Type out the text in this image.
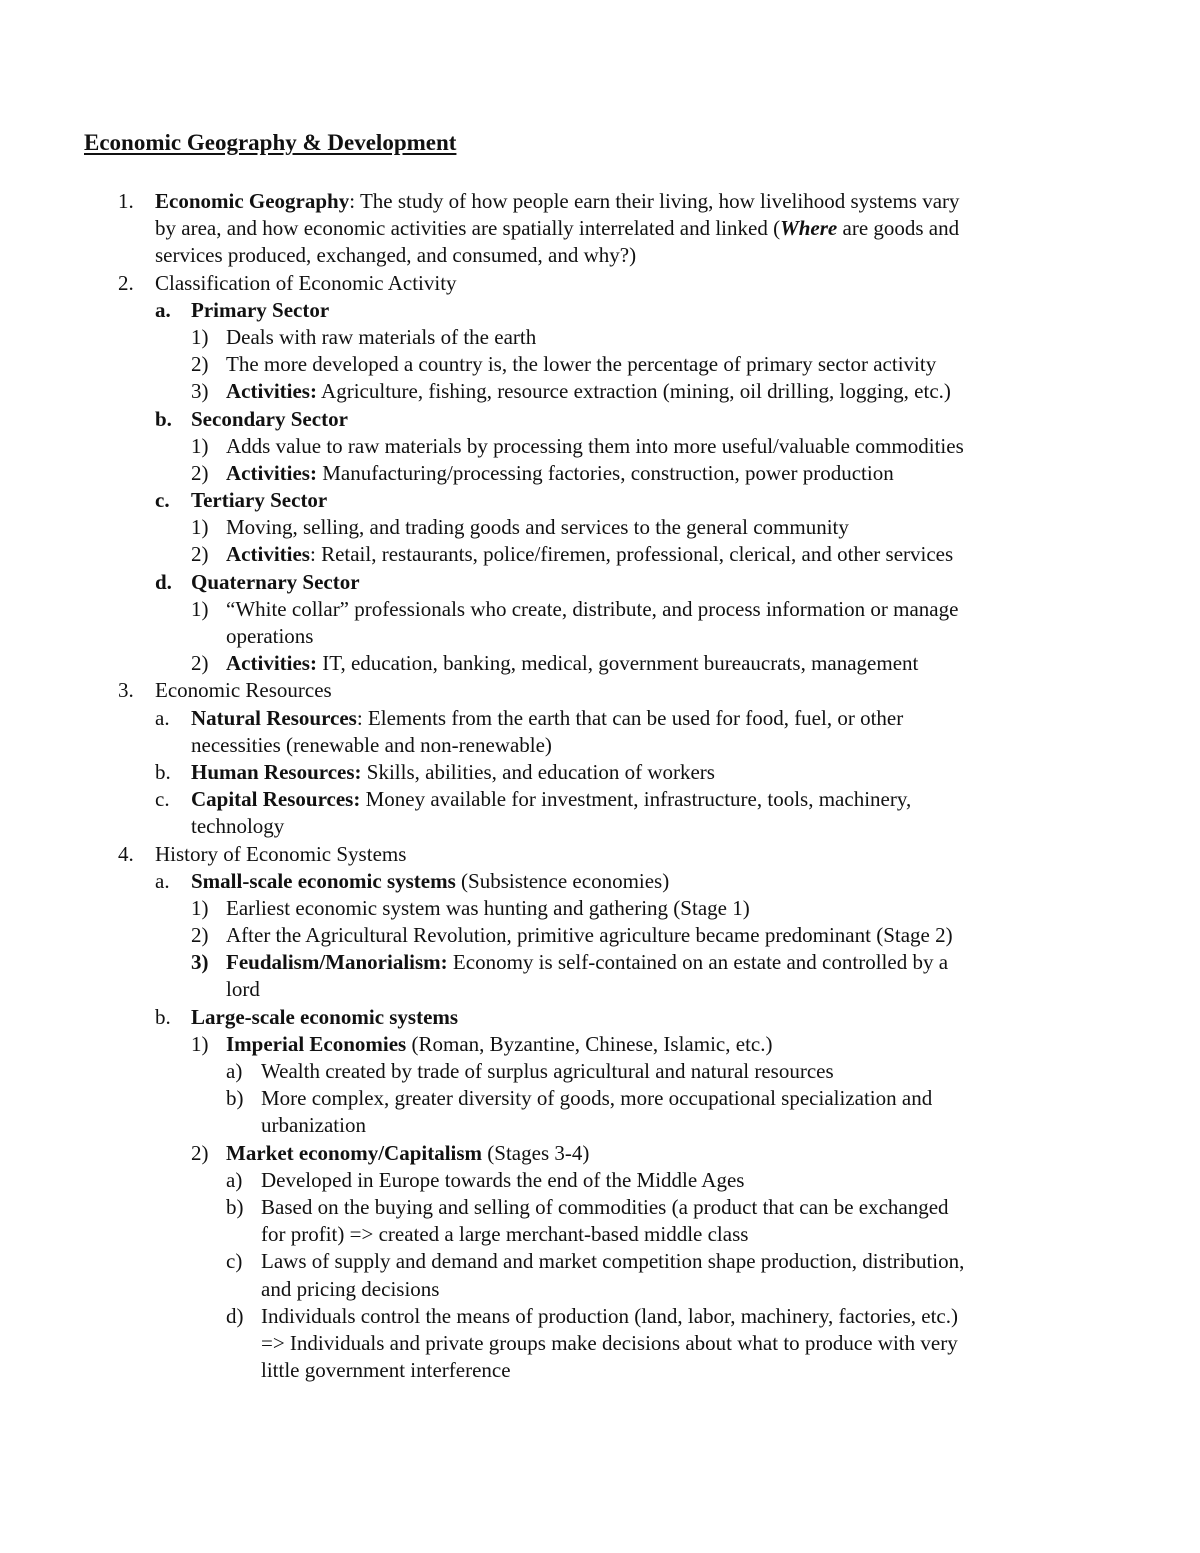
Economic Geography & Development
1. Economic Geography: The study of how people earn their living, how livelihood systems vary
by area, and how economic activities are spatially interrelated and linked (Where are goods and
services produced, exchanged, and consumed, and why?)
2. Classification of Economic Activity
a. Primary Sector
1) Deals with raw materials of the earth
2) The more developed a country is, the lower the percentage of primary sector activity
3) Activities: Agriculture, fishing, resource extraction (mining, oil drilling, logging, etc.)
b. Secondary Sector
1) Adds value to raw materials by processing them into more useful/valuable commodities
2) Activities: Manufacturing/processing factories, construction, power production
c. Tertiary Sector
1) Moving, selling, and trading goods and services to the general community
2) Activities: Retail, restaurants, police/firemen, professional, clerical, and other services
d. Quaternary Sector
1) “White collar” professionals who create, distribute, and process information or manage
operations
2) Activities: IT, education, banking, medical, government bureaucrats, management
3. Economic Resources
a. Natural Resources: Elements from the earth that can be used for food, fuel, or other
necessities (renewable and non-renewable)
b. Human Resources: Skills, abilities, and education of workers
c. Capital Resources: Money available for investment, infrastructure, tools, machinery,
technology
4. History of Economic Systems
a. Small-scale economic systems (Subsistence economies)
1) Earliest economic system was hunting and gathering (Stage 1)
2) After the Agricultural Revolution, primitive agriculture became predominant (Stage 2)
3) Feudalism/Manorialism: Economy is self-contained on an estate and controlled by a
lord
b. Large-scale economic systems
1) Imperial Economies (Roman, Byzantine, Chinese, Islamic, etc.)
a) Wealth created by trade of surplus agricultural and natural resources
b) More complex, greater diversity of goods, more occupational specialization and
urbanization
2) Market economy/Capitalism (Stages 3-4)
a) Developed in Europe towards the end of the Middle Ages
b) Based on the buying and selling of commodities (a product that can be exchanged
for profit) => created a large merchant-based middle class
c) Laws of supply and demand and market competition shape production, distribution,
and pricing decisions
d) Individuals control the means of production (land, labor, machinery, factories, etc.)
=> Individuals and private groups make decisions about what to produce with very
little government interference
